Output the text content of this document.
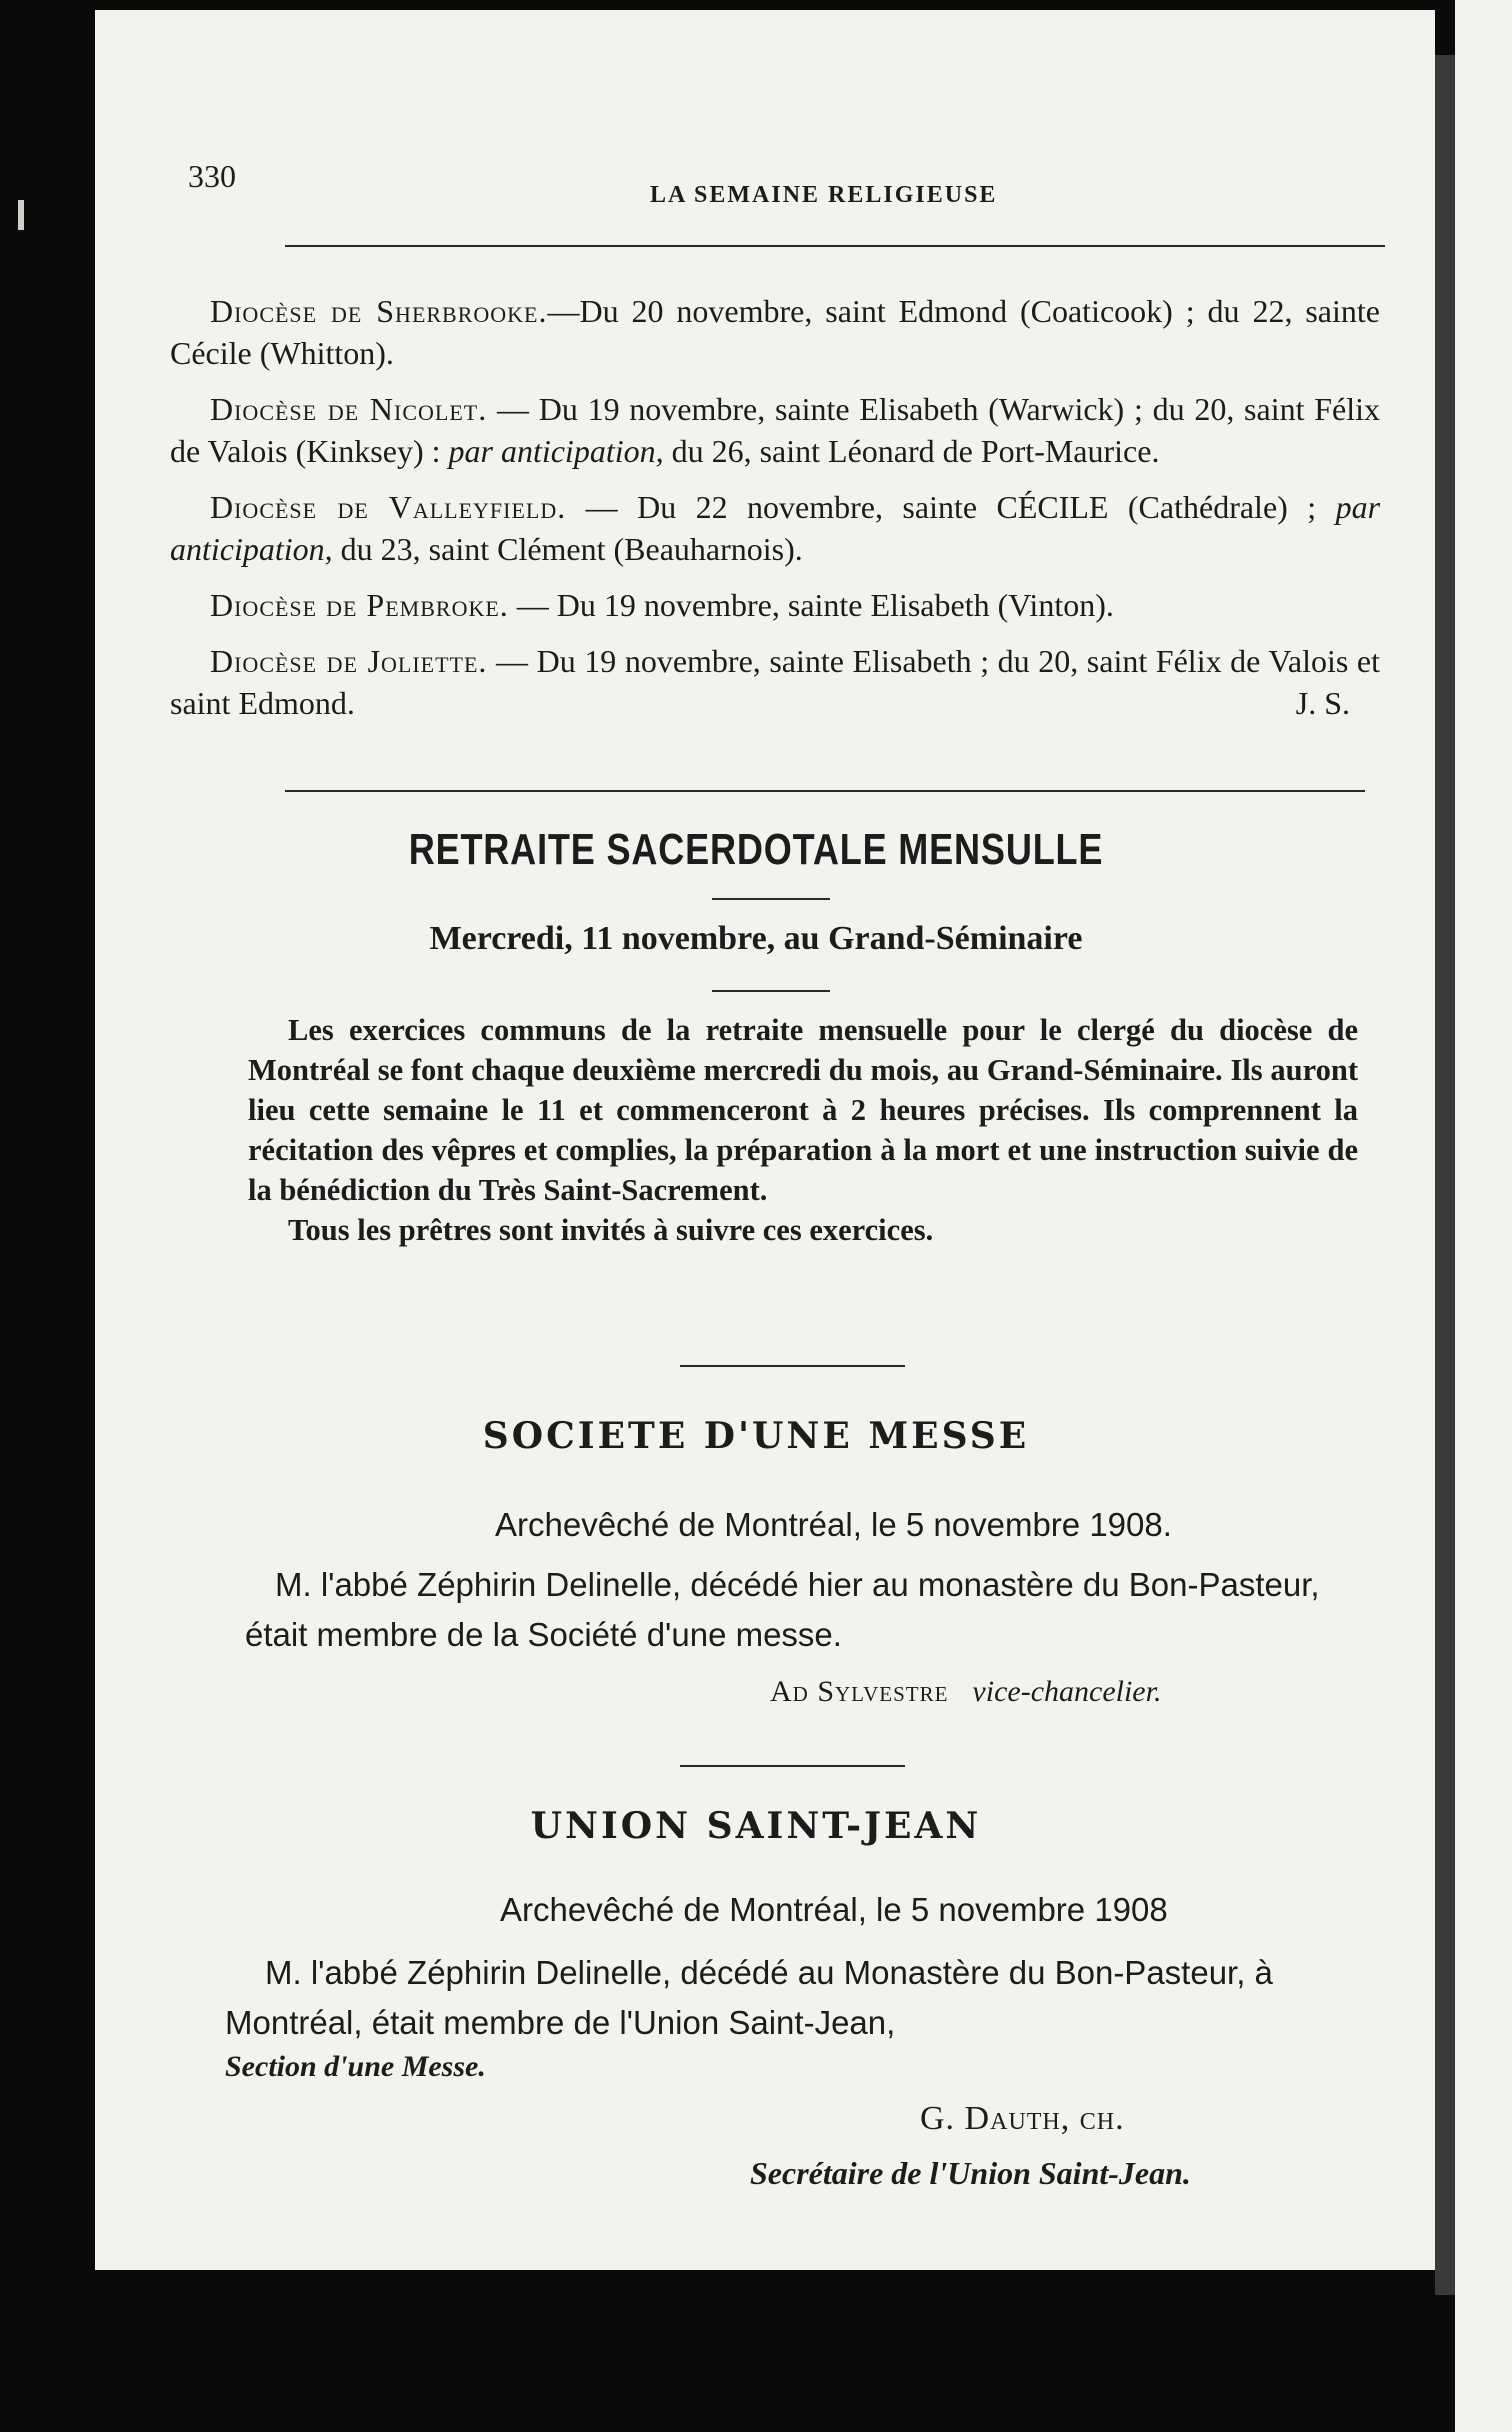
330
LA SEMAINE RELIGIEUSE

Diocèse de Sherbrooke.—Du 20 novembre, saint Edmond (Coaticook) ; du 22, sainte Cécile (Whitton).

Diocèse de Nicolet. — Du 19 novembre, sainte Elisabeth (Warwick) ; du 20, saint Félix de Valois (Kinksey) : par anticipation, du 26, saint Léonard de Port-Maurice.

Diocèse de Valleyfield. — Du 22 novembre, sainte CÉCILE (Cathédrale) ; par anticipation, du 23, saint Clément (Beauharnois).

Diocèse de Pembroke. — Du 19 novembre, sainte Elisabeth (Vinton).

Diocèse de Joliette. — Du 19 novembre, sainte Elisabeth ; du 20, saint Félix de Valois et saint Edmond.	J. S.
RETRAITE SACERDOTALE MENSULLE
Mercredi, 11 novembre, au Grand-Séminaire

Les exercices communs de la retraite mensuelle pour le clergé du diocèse de Montréal se font chaque deuxième mercredi du mois, au Grand-Séminaire. Ils auront lieu cette semaine le 11 et commenceront à 2 heures précises. Ils comprennent la récitation des vêpres et complies, la préparation à la mort et une instruction suivie de la bénédiction du Très Saint-Sacrement.

Tous les prêtres sont invités à suivre ces exercices.

SOCIETE D'UNE MESSE
Archevêché de Montréal, le 5 novembre 1908.
M. l'abbé Zéphirin Delinelle, décédé hier au monastère du Bon-Pasteur, était membre de la Société d'une messe.
Ad Sylvestre vice-chancelier.
UNION SAINT-JEAN
Archevêché de Montréal, le 5 novembre 1908
M. l'abbé Zéphirin Delinelle, décédé au Monastère du Bon-Pasteur, à Montréal, était membre de l'Union Saint-Jean,
Section d'une Messe.
G. Dauth, ch.
Secrétaire de l'Union Saint-Jean.
